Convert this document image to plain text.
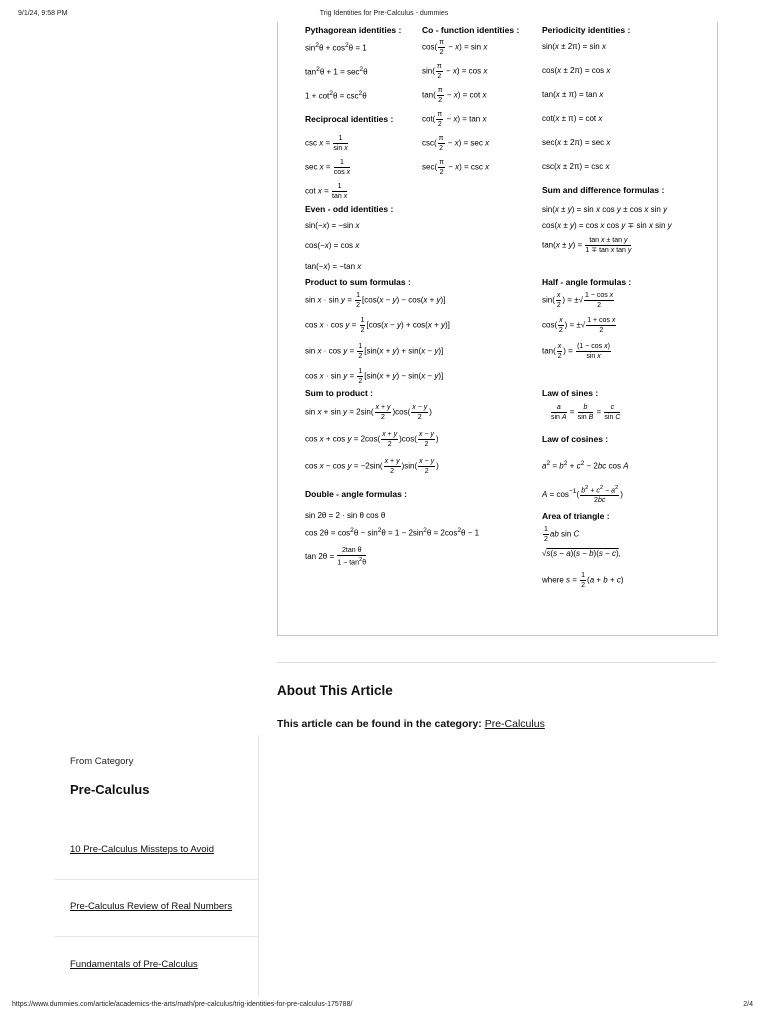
9/1/24, 9:58 PM	Trig Identities for Pre-Calculus - dummies
Pythagorean identities :
$\sin^2\theta + \cos^2\theta = 1$
$\tan^2\theta + 1 = \sec^2\theta$
$1 + \cot^2\theta = \csc^2\theta$
Reciprocal identities :
$\csc x = \frac{1}{\text{sin x}}$
$\sec x = \frac{1}{\text{cos x}}$
$\cot x = \frac{1}{\text{tan x}}$
Even - odd identities :
sin(−x) = −sin x
cos(−x) = cos x
tan(−x) = −tan x
Product to sum formulas :
$\sin x \cdot \sin y = \frac{1}{2} [\cos(x - y) - \cos(x + y)]$
$\cos x \cdot \cos y = \frac{1}{2} [\cos(x - y) + \cos(x + y)]$
$\sin x \cdot \cos y = \frac{1}{2} [\sin(x + y) + \sin(x - y)]$
$\cos x \cdot \sin y = \frac{1}{2} [\sin(x + y) - \sin(x - y)]$
Sum to product :
$\sin x + \sin y = 2\sin( \frac{x + y}{2} )\cos( \frac{x - y}{2}$ )
$\cos x + \cos y = 2\cos( \frac{x + y}{2} )\cos( \frac{x - y}{2}$ )
$\cos x - \cos y = -2\sin( \frac{x + y}{2} )\sin( \frac{x - y}{2}$ )
Double - angle formulas :
sin 2θ = 2 · sin θ cos θ
$\cos 2\theta = \cos^2\theta - \sin^2\theta = 1 - 2\sin^2\theta = 2\cos^2\theta - 1$
$\tan 2\theta = \frac{\text{2tan θ}}{1 - \tan^2\theta}$
Co - function identities :
$\cos( \frac{\pi}{2} - x) = \sin x$
$\sin( \frac{\pi}{2} - x) = \cos x$
$\tan( \frac{\pi}{2} - x) = \cot x$
$\cot( \frac{\pi}{2} - x) = \tan x$
$\csc( \frac{\pi}{2} - x) = \sec x$
$\sec( \frac{\pi}{2} - x) = \csc x$
Periodicity identities :
sin(x ± 2π) = sin x
cos(x ± 2π) = cos x
tan(x ± π) = tan x
cot(x ± π) = cot x
sec(x ± 2π) = sec x
csc(x ± 2π) = csc x
Sum and difference formulas :
sin(x ± y) = sin x cos y ± cos x sin y
cos(x ± y) = cos x cos y ∓ sin x sin y
$\tan(x \pm y) = \frac{\text{tan x ± tan y}}{\text{1 ∓ tan x tan y}}$
Half - angle formulas :
$\sin( \frac{x}{2}$ ) = ±√ $\frac{\text{1 − cos x}}{2}$
$\cos( \frac{x}{2}$ ) = ±√ $\frac{\text{1 + cos x}}{2}$
$\tan( \frac{x}{2}$ ) = $\frac{\text{(1 − cos x)}}{\text{sin x}}$
Law of sines :
$\frac{a}{\text{sin A}} = \frac{b}{\text{sin B}} = \frac{c}{\text{sin C}}$
Law of cosines :
$a^2 = b^2 + c^2 - 2bc$ cos A
$A = \cos^{-1}( \frac{b^2 + c^2 - a^2}{2bc}$ )
Area of triangle :
$\frac{1}{2}$ ab sin C
√s(s − a)(s − b)(s − c),
where $s = \frac{1}{2} (a + b + c)$
About This Article
This article can be found in the category: Pre-Calculus
From Category
Pre-Calculus
10 Pre-Calculus Missteps to Avoid
Pre-Calculus Review of Real Numbers
Fundamentals of Pre-Calculus
https://www.dummies.com/article/academics-the-arts/math/pre-calculus/trig-identities-for-pre-calculus-175788/	2/4
